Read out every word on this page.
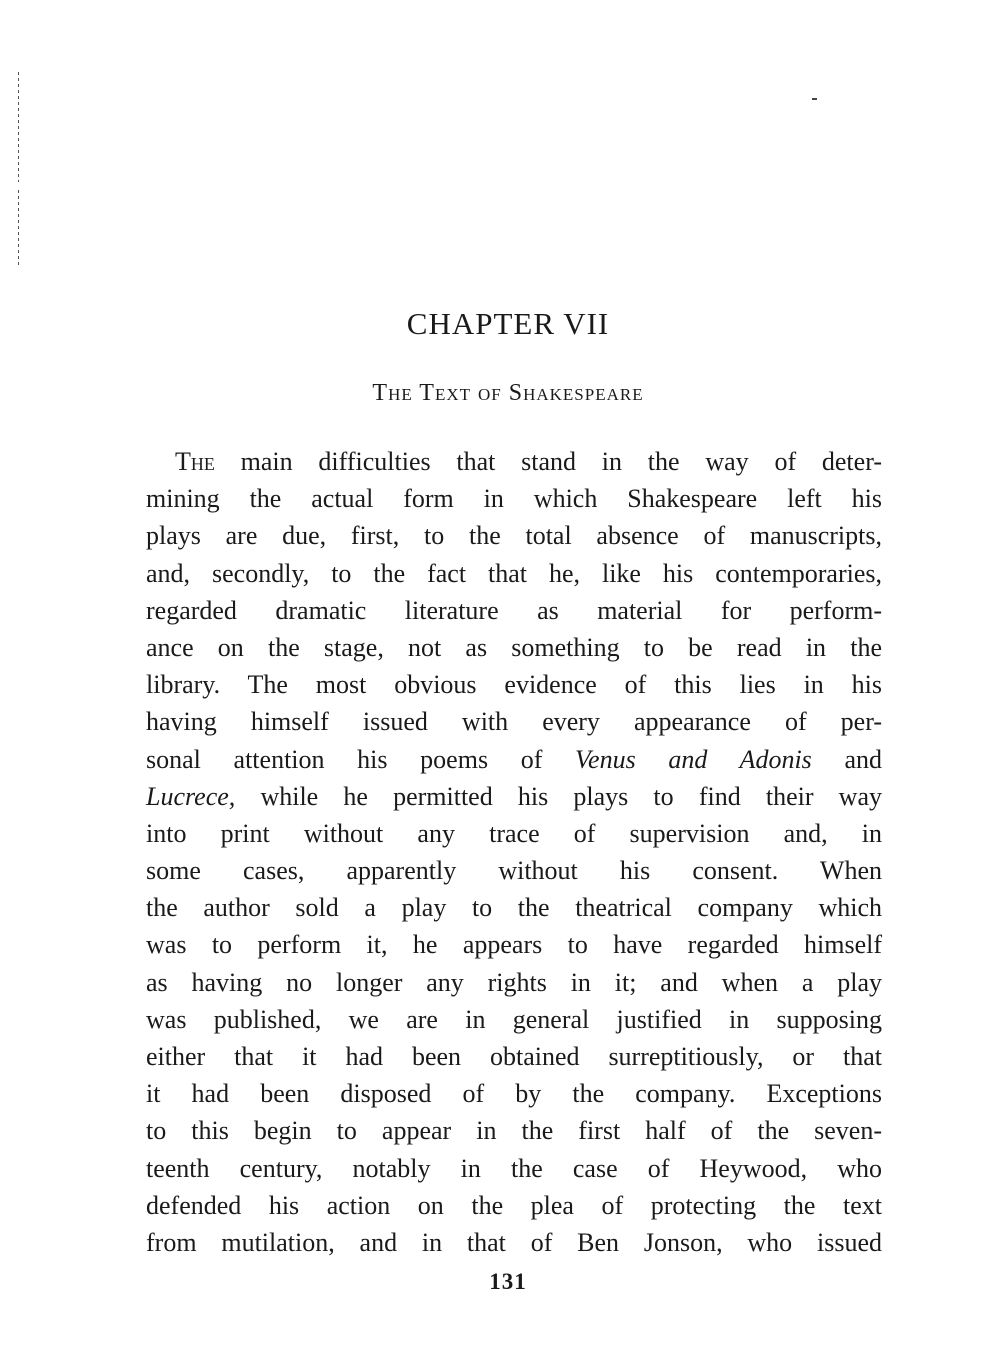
CHAPTER VII
The Text of Shakespeare
The main difficulties that stand in the way of deter-
mining the actual form in which Shakespeare left his
plays are due, first, to the total absence of manuscripts,
and, secondly, to the fact that he, like his contemporaries,
regarded dramatic literature as material for perform-
ance on the stage, not as something to be read in the
library. The most obvious evidence of this lies in his
having himself issued with every appearance of per-
sonal attention his poems of Venus and Adonis and
Lucrece, while he permitted his plays to find their way
into print without any trace of supervision and, in
some cases, apparently without his consent. When
the author sold a play to the theatrical company which
was to perform it, he appears to have regarded himself
as having no longer any rights in it; and when a play
was published, we are in general justified in supposing
either that it had been obtained surreptitiously, or that
it had been disposed of by the company. Exceptions
to this begin to appear in the first half of the seven-
teenth century, notably in the case of Heywood, who
defended his action on the plea of protecting the text
from mutilation, and in that of Ben Jonson, who issued
131
